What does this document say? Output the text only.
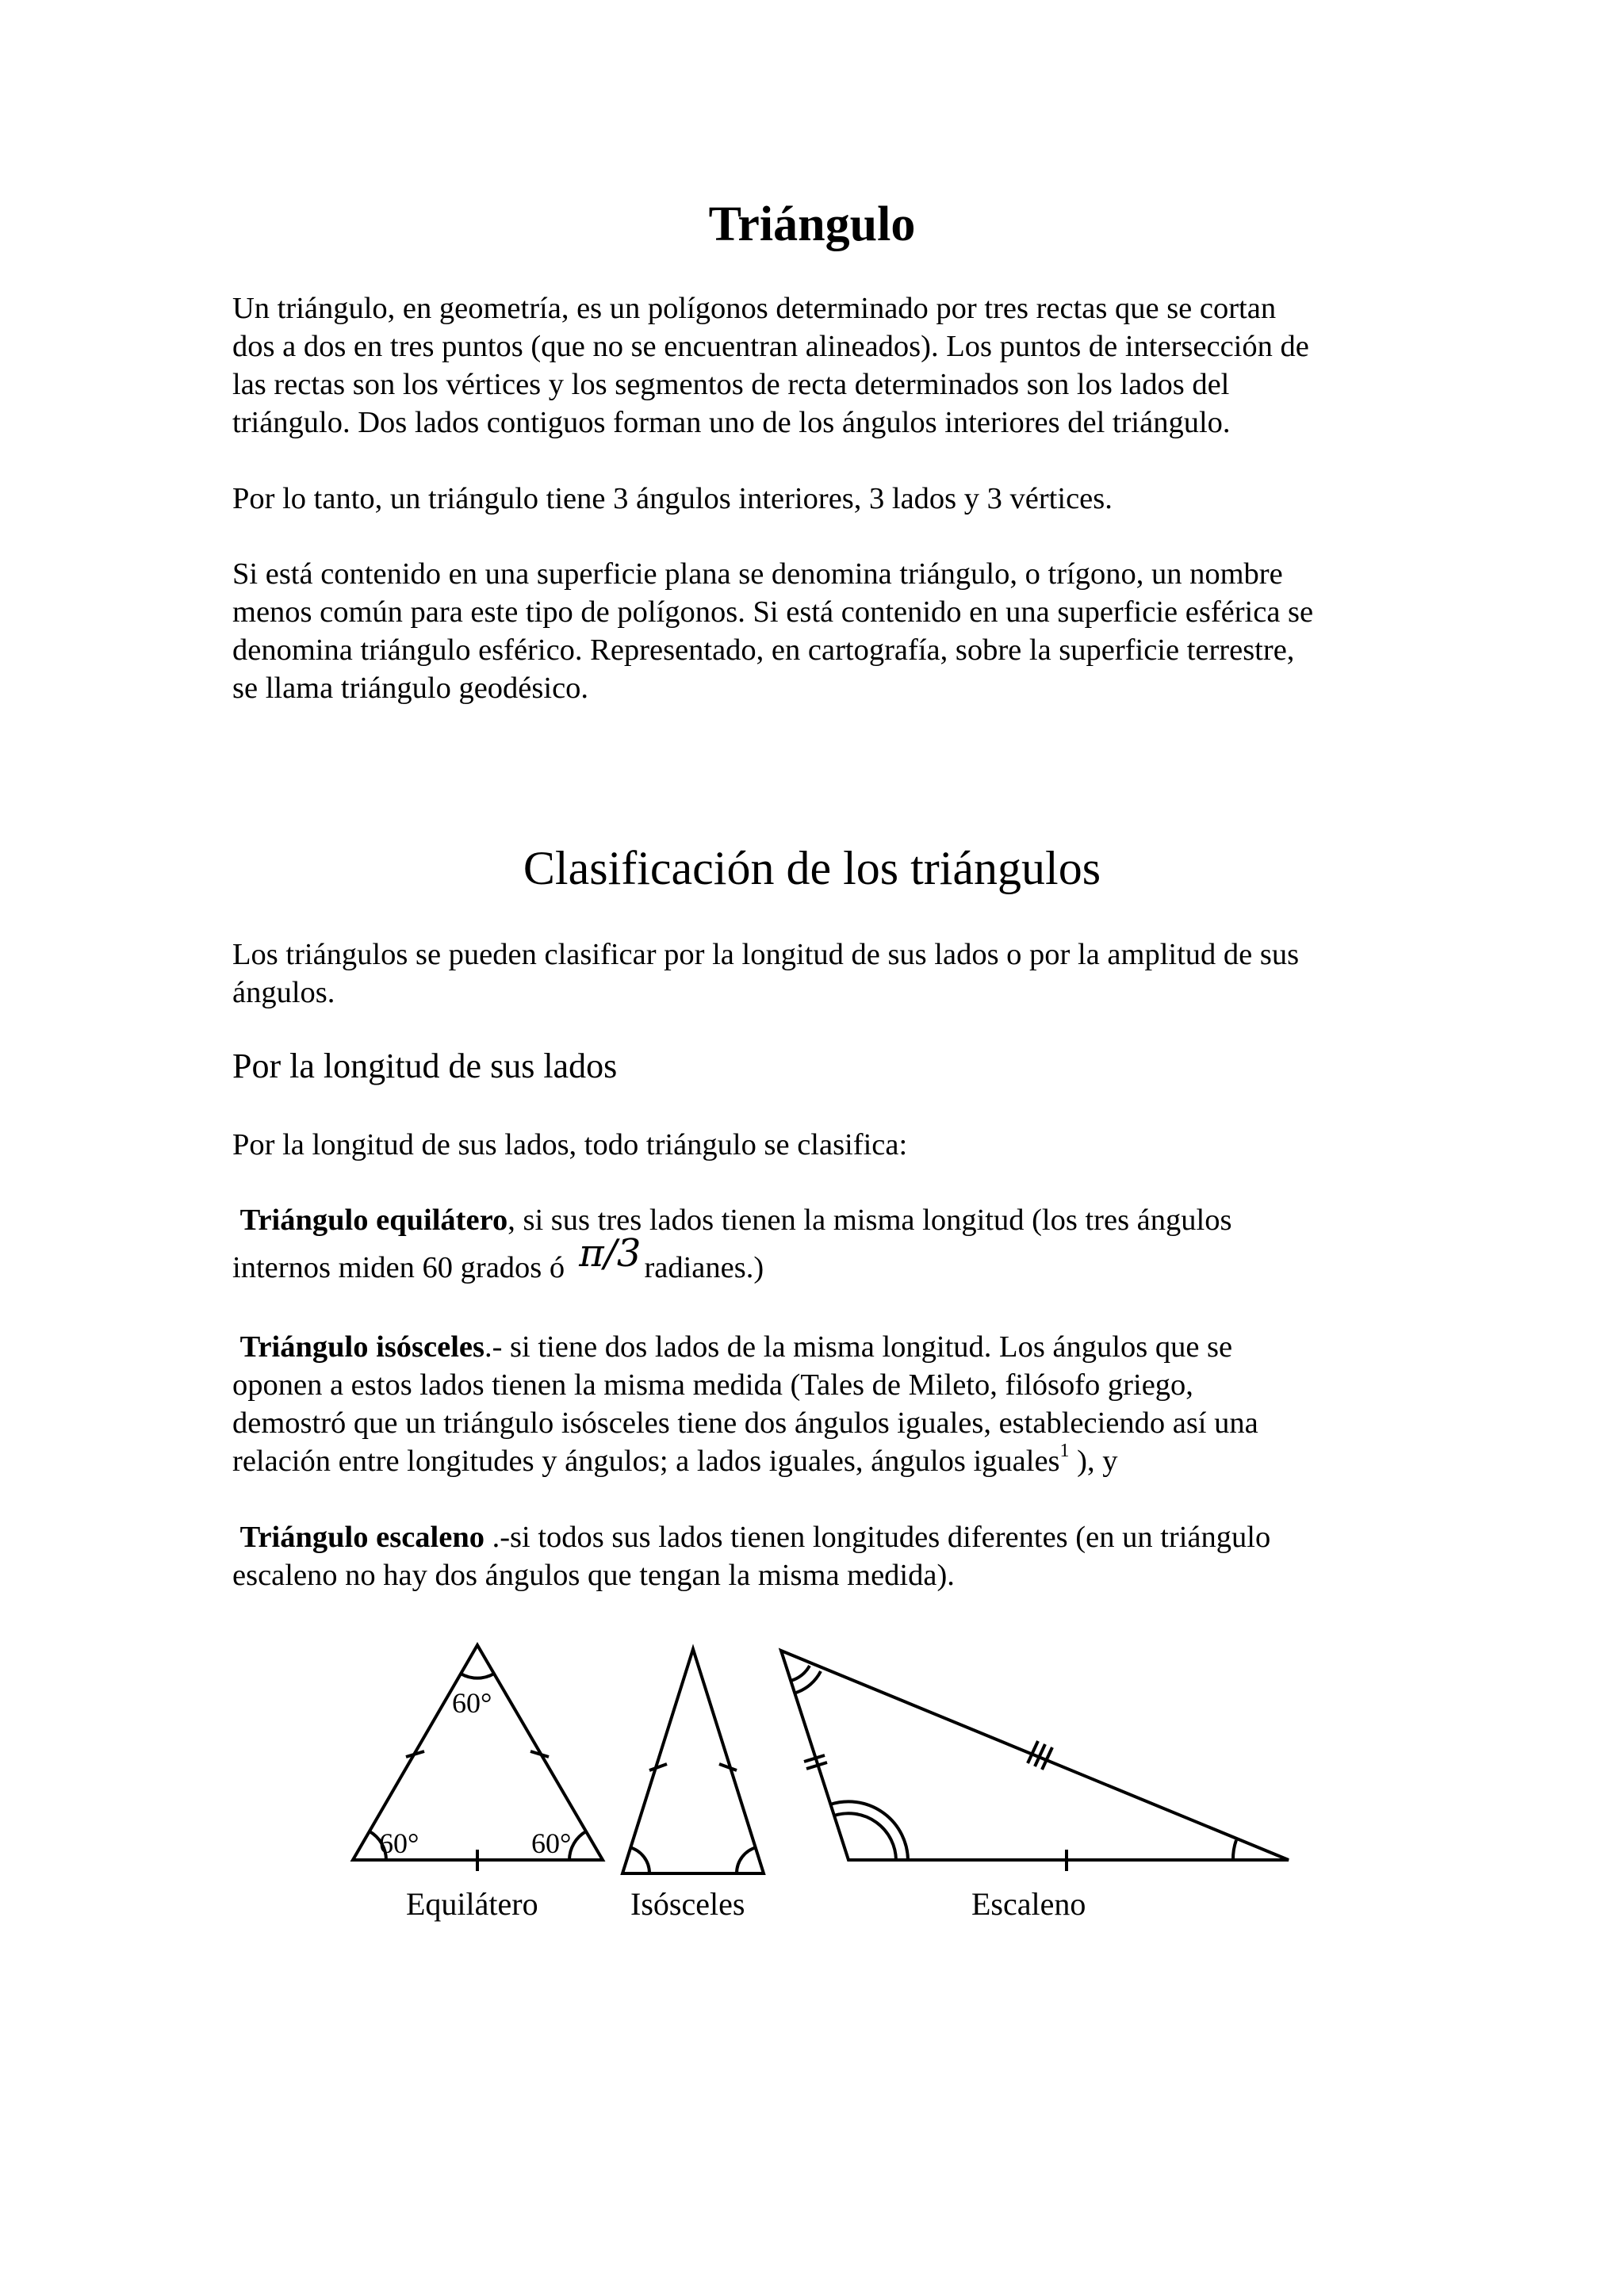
Triángulo

Un triángulo, en geometría, es un polígonos determinado por tres rectas que se cortan
dos a dos en tres puntos (que no se encuentran alineados). Los puntos de intersección de
las rectas son los vértices y los segmentos de recta determinados son los lados del
triángulo. Dos lados contiguos forman uno de los ángulos interiores del triángulo.

Por lo tanto, un triángulo tiene 3 ángulos interiores, 3 lados y 3 vértices.

Si está contenido en una superficie plana se denomina triángulo, o trígono, un nombre
menos común para este tipo de polígonos. Si está contenido en una superficie esférica se
denomina triángulo esférico. Representado, en cartografía, sobre la superficie terrestre,
se llama triángulo geodésico.

Clasificación de los triángulos

Los triángulos se pueden clasificar por la longitud de sus lados o por la amplitud de sus
ángulos.

Por la longitud de sus lados

Por la longitud de sus lados, todo triángulo se clasifica:

Triángulo equilátero, si sus tres lados tienen la misma longitud (los tres ángulos
internos miden 60 grados ó π/3 radianes.)

Triángulo isósceles.- si tiene dos lados de la misma longitud. Los ángulos que se
oponen a estos lados tienen la misma medida (Tales de Mileto, filósofo griego,
demostró que un triángulo isósceles tiene dos ángulos iguales, estableciendo así una
relación entre longitudes y ángulos; a lados iguales, ángulos iguales$^1$ ), y

Triángulo escaleno .-si todos sus lados tienen longitudes diferentes (en un triángulo
escaleno no hay dos ángulos que tengan la misma medida).

60°
60°	60°

Equilátero	Isósceles	Escaleno
